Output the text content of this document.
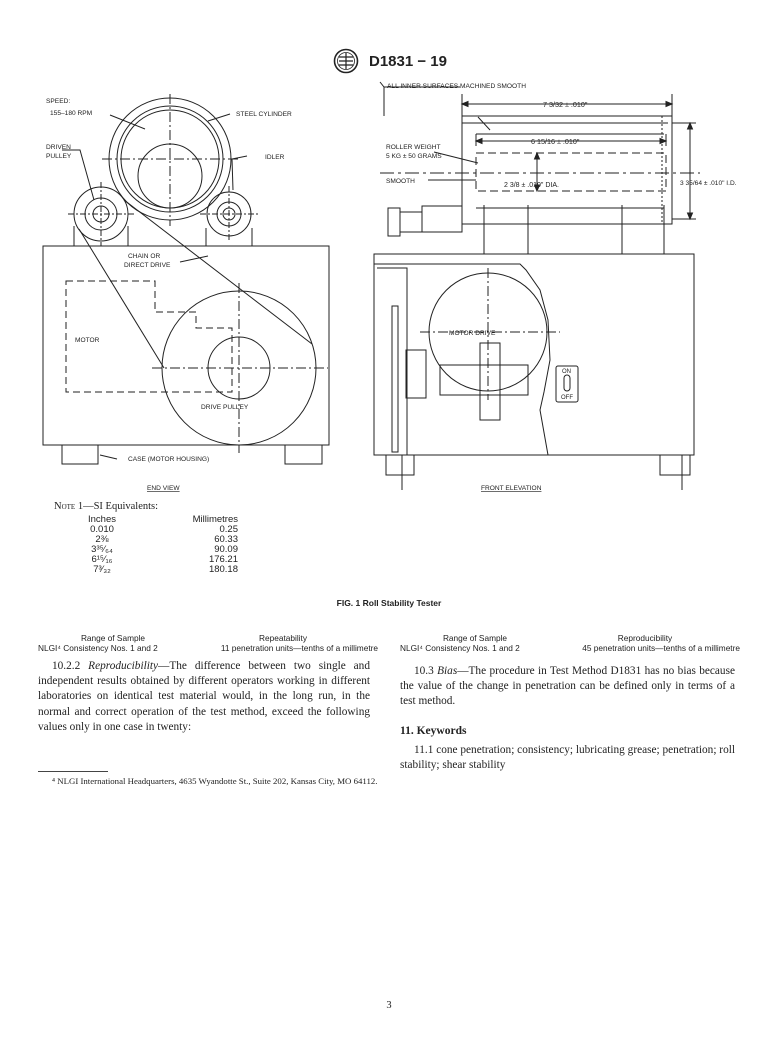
D1831 − 19
SPEED:
155–180 RPM	STEEL CYLINDER
DRIVEN
PULLEY	IDLER
CHAIN OR
DIRECT DRIVE
MOTOR
DRIVE PULLEY
CASE (MOTOR HOUSING)
END VIEW
ALL INNER SURFACES MACHINED SMOOTH
7 3/32 ± .010"
ROLLER WEIGHT
5 KG ± 50 GRAMS
6 15/16 ± .010"
SMOOTH
2 3/8 ± .010" DIA.	3 35/64 ± .010" I.D.
MOTOR DRIVE
ON
OFF
FRONT ELEVATION
Note 1—SI Equivalents:
Inches	Millimetres
0.010	0.25
2⅜	60.33
3³⁵⁄₆₄	90.09
6¹⁵⁄₁₆	176.21
7³⁄₃₂	180.18
FIG. 1 Roll Stability Tester
Range of Sample	Repeatability
NLGI⁴ Consistency Nos. 1 and 2	11 penetration units—tenths of a millimetre
Range of Sample	Reproducibility
NLGI⁴ Consistency Nos. 1 and 2	45 penetration units—tenths of a millimetre

10.2.2 Reproducibility—The difference between two single and independent results obtained by different operators working in different laboratories on identical test material would, in the long run, in the normal and correct operation of the test method, exceed the following values only in one case in twenty:

10.3 Bias—The procedure in Test Method D1831 has no bias because the value of the change in penetration can be defined only in terms of a test method.

11. Keywords

11.1 cone penetration; consistency; lubricating grease; penetration; roll stability; shear stability

⁴ NLGI International Headquarters, 4635 Wyandotte St., Suite 202, Kansas City, MO 64112.
3
